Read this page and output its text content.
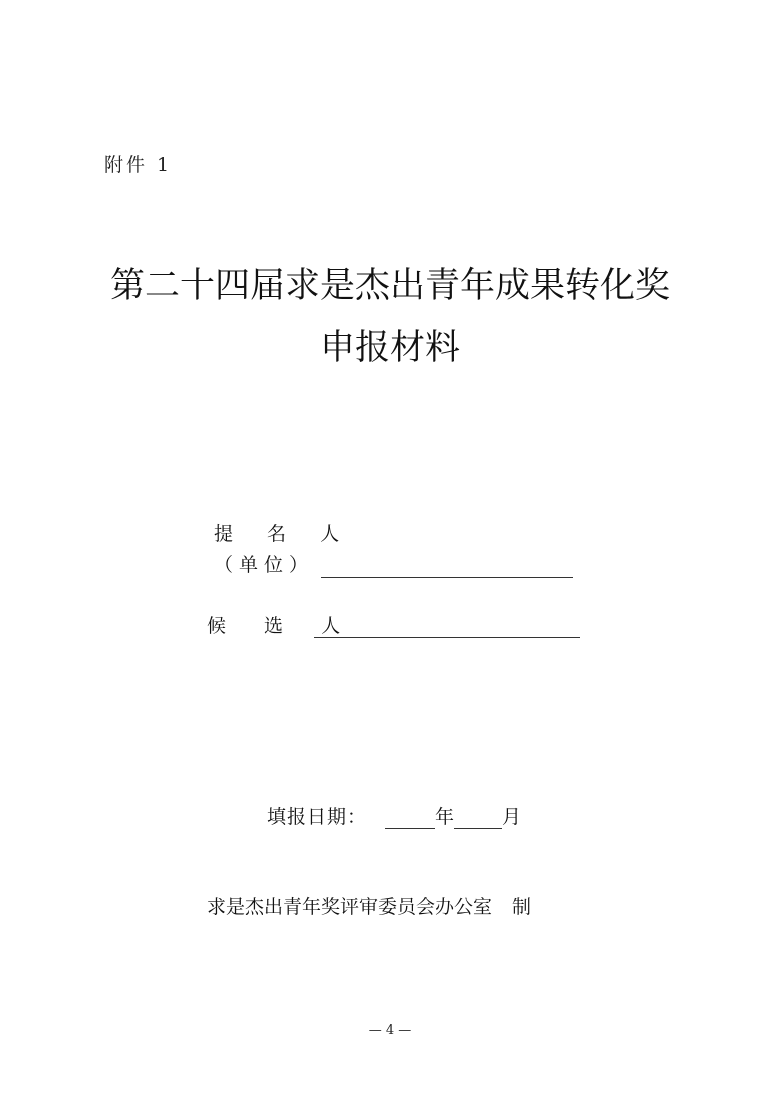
附件 1
第二十四届求是杰出青年成果转化奖
申报材料
提 名 人
（单位）
候 选 人
填报日期：	年	月
求是杰出青年奖评审委员会办公室 制
— 4 —
